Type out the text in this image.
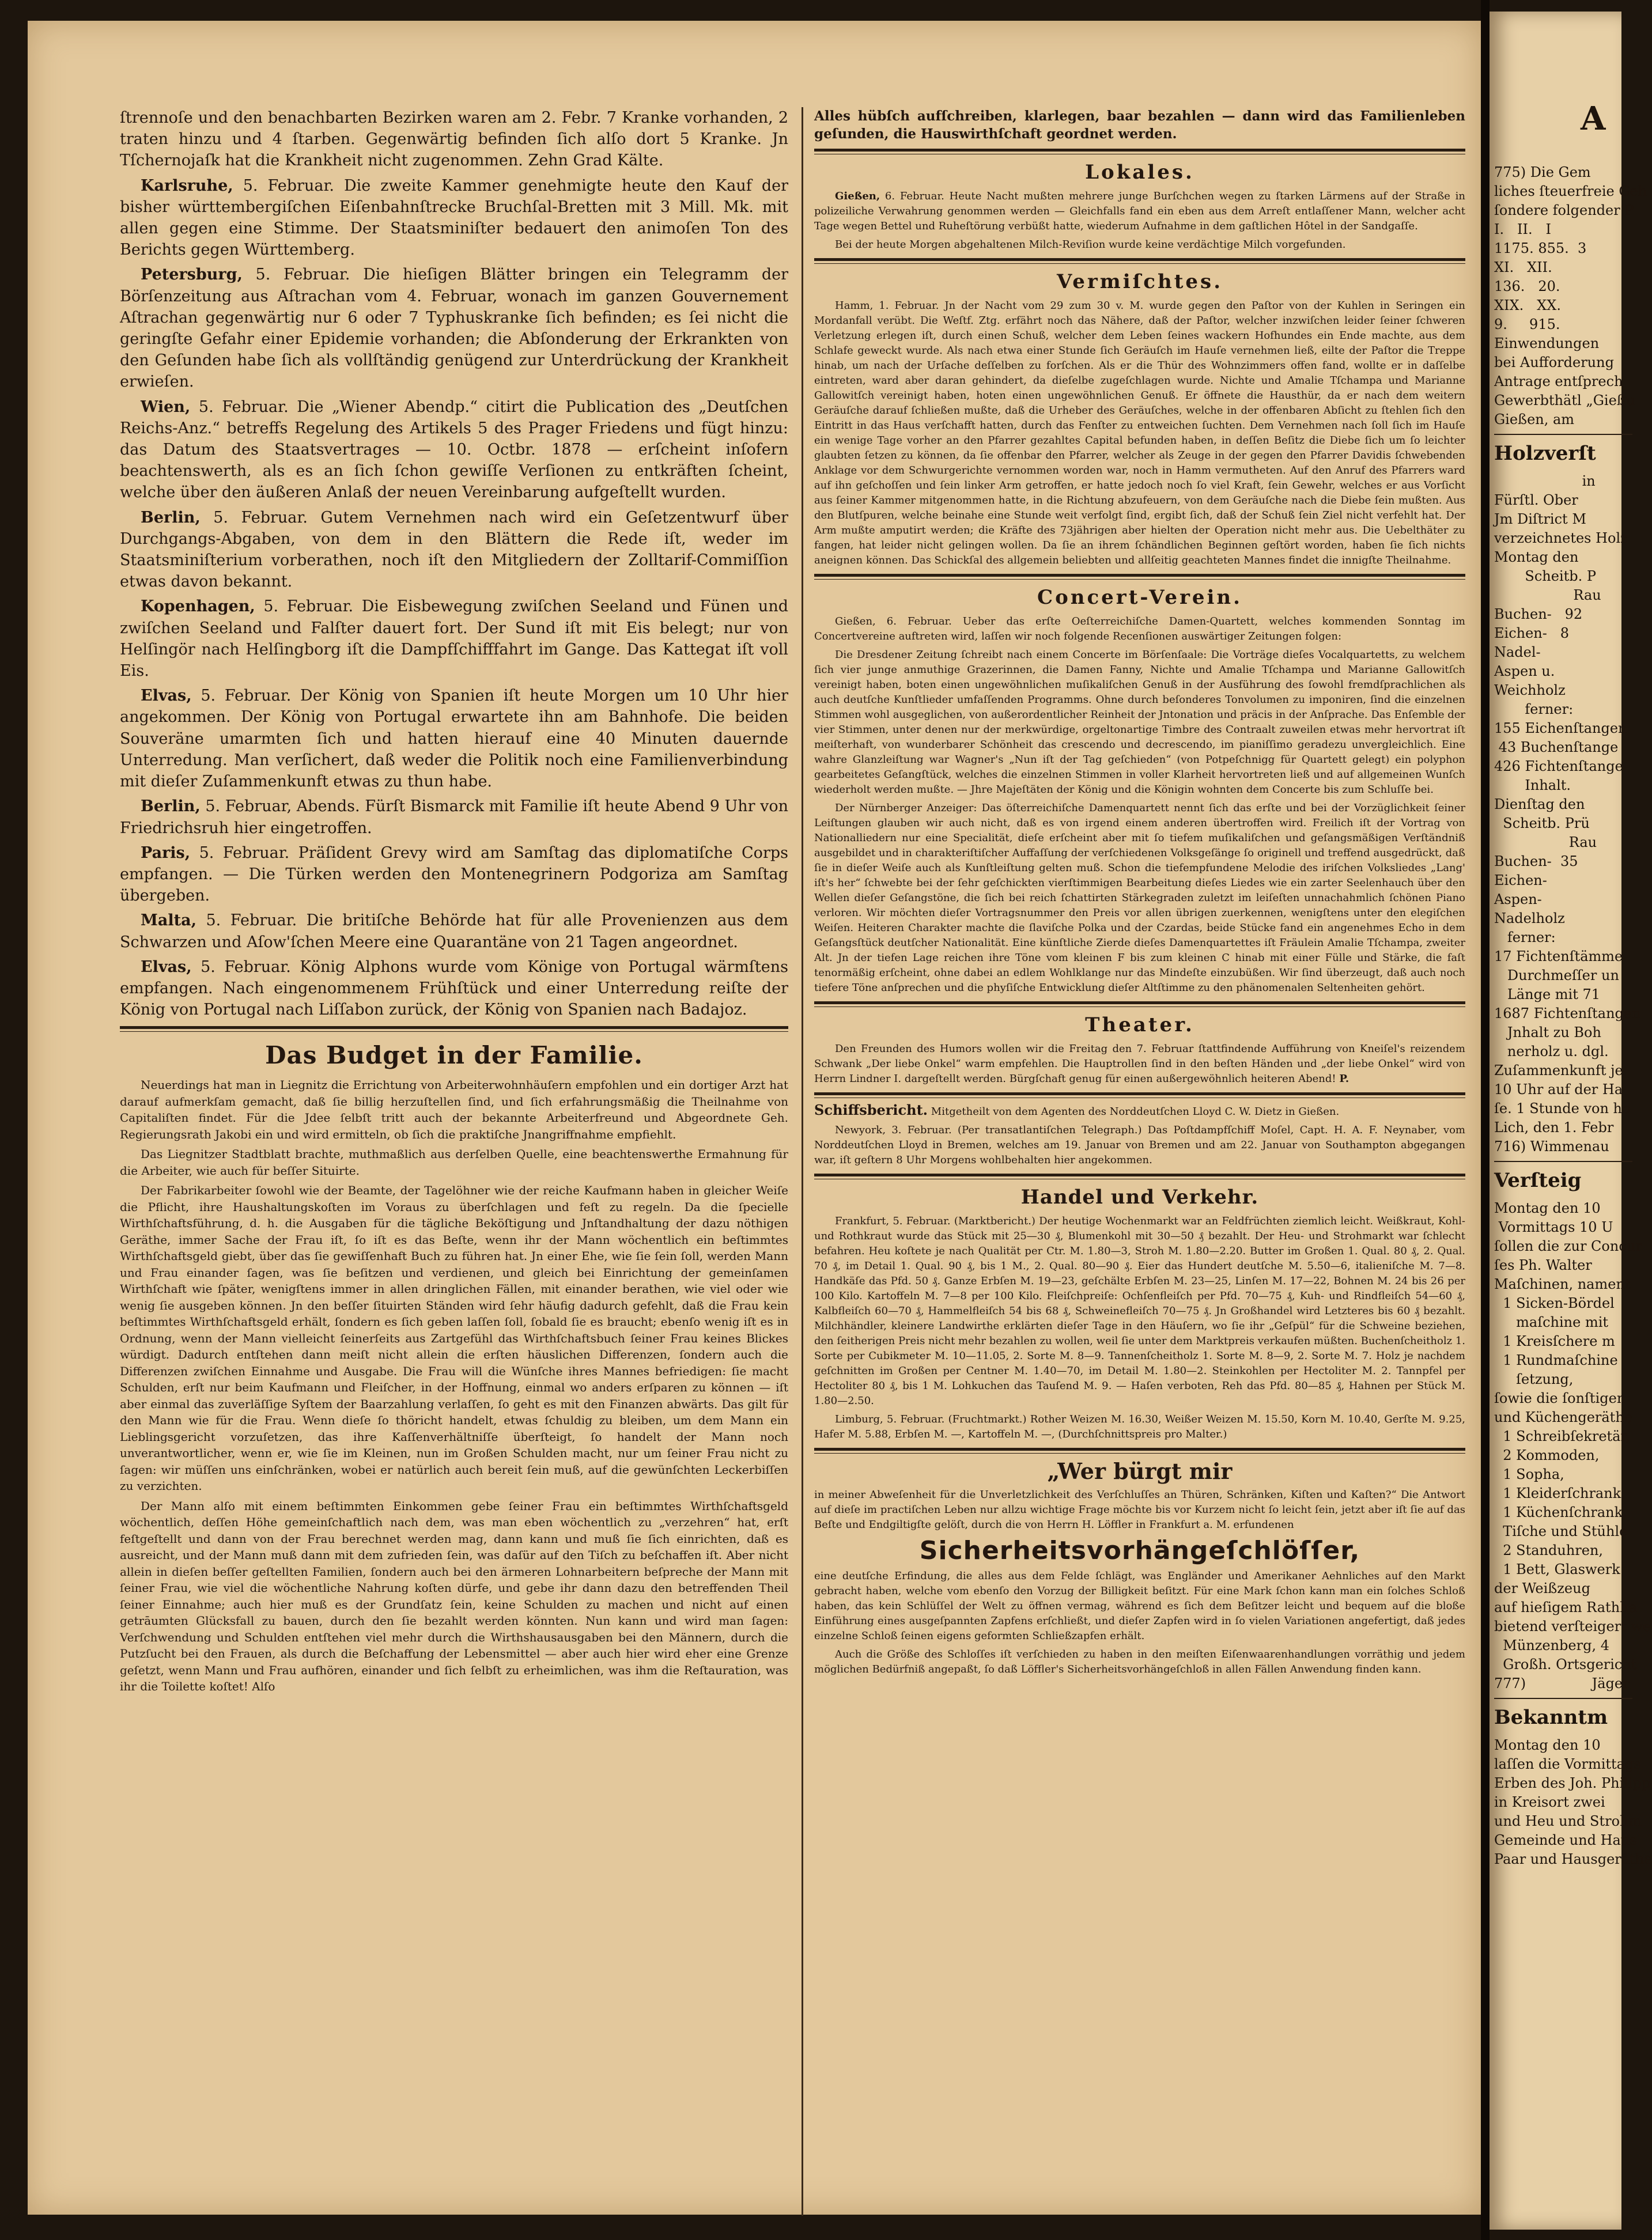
ſtrennoſe und den benachbarten Bezirken waren am 2. Febr. 7 Kranke vorhanden, 2 traten hinzu und 4 ſtarben. Gegenwärtig befinden ſich alſo dort 5 Kranke. Jn Tſchernojaſk hat die Krankheit nicht zugenommen. Zehn Grad Kälte.

Karlsruhe, 5. Februar. Die zweite Kammer genehmigte heute den Kauf der bisher württembergiſchen Eiſenbahnſtrecke Bruchſal-Bretten mit 3 Mill. Mk. mit allen gegen eine Stimme. Der Staatsminiſter bedauert den animoſen Ton des Berichts gegen Württemberg.

Petersburg, 5. Februar. Die hieſigen Blätter bringen ein Telegramm der Börſenzeitung aus Aſtrachan vom 4. Februar, wonach im ganzen Gouvernement Aſtrachan gegenwärtig nur 6 oder 7 Typhuskranke ſich befinden; es ſei nicht die geringſte Gefahr einer Epidemie vorhanden; die Abſonderung der Erkrankten von den Geſunden habe ſich als vollſtändig genügend zur Unterdrückung der Krankheit erwieſen.

Wien, 5. Februar. Die „Wiener Abendp.“ citirt die Publication des „Deutſchen Reichs-Anz.“ betreffs Regelung des Artikels 5 des Prager Friedens und fügt hinzu: das Datum des Staatsvertrages — 10. Octbr. 1878 — erſcheint inſofern beachtenswerth, als es an ſich ſchon gewiſſe Verſionen zu entkräften ſcheint, welche über den äußeren Anlaß der neuen Vereinbarung aufgeſtellt wurden.

Berlin, 5. Februar. Gutem Vernehmen nach wird ein Geſetzentwurf über Durchgangs-Abgaben, von dem in den Blättern die Rede iſt, weder im Staatsminiſterium vorberathen, noch iſt den Mitgliedern der Zolltarif-Commiſſion etwas davon bekannt.

Kopenhagen, 5. Februar. Die Eisbewegung zwiſchen Seeland und Fünen und zwiſchen Seeland und Falſter dauert fort. Der Sund iſt mit Eis belegt; nur von Helſingör nach Helſingborg iſt die Dampfſchifffahrt im Gange. Das Kattegat iſt voll Eis.

Elvas, 5. Februar. Der König von Spanien iſt heute Morgen um 10 Uhr hier angekommen. Der König von Portugal erwartete ihn am Bahnhofe. Die beiden Souveräne umarmten ſich und hatten hierauf eine 40 Minuten dauernde Unterredung. Man verſichert, daß weder die Politik noch eine Familienverbindung mit dieſer Zuſammenkunft etwas zu thun habe.

Berlin, 5. Februar, Abends. Fürſt Bismarck mit Familie iſt heute Abend 9 Uhr von Friedrichsruh hier eingetroffen.

Paris, 5. Februar. Präſident Grevy wird am Samſtag das diplomatiſche Corps empfangen. — Die Türken werden den Montenegrinern Podgoriza am Samſtag übergeben.

Malta, 5. Februar. Die britiſche Behörde hat für alle Provenienzen aus dem Schwarzen und Aſow'ſchen Meere eine Quarantäne von 21 Tagen angeordnet.

Elvas, 5. Februar. König Alphons wurde vom Könige von Portugal wärmſtens empfangen. Nach eingenommenem Frühſtück und einer Unterredung reiſte der König von Portugal nach Liſſabon zurück, der König von Spanien nach Badajoz.

Das Budget in der Familie.

Neuerdings hat man in Liegnitz die Errichtung von Arbeiterwohnhäuſern empfohlen und ein dortiger Arzt hat darauf aufmerkſam gemacht, daß ſie billig herzuſtellen ſind, und ſich erfahrungsmäßig die Theilnahme von Capitaliſten findet. Für die Jdee ſelbſt tritt auch der bekannte Arbeiterfreund und Abgeordnete Geh. Regierungsrath Jakobi ein und wird ermitteln, ob ſich die praktiſche Jnangriffnahme empfiehlt.

Das Liegnitzer Stadtblatt brachte, muthmaßlich aus derſelben Quelle, eine beachtenswerthe Ermahnung für die Arbeiter, wie auch für beſſer Situirte.

Der Fabrikarbeiter ſowohl wie der Beamte, der Tagelöhner wie der reiche Kaufmann haben in gleicher Weiſe die Pflicht, ihre Haushaltungskoſten im Voraus zu überſchlagen und feſt zu regeln. Da die ſpecielle Wirthſchaftsführung, d. h. die Ausgaben für die tägliche Beköſtigung und Jnſtandhaltung der dazu nöthigen Geräthe, immer Sache der Frau iſt, ſo iſt es das Beſte, wenn ihr der Mann wöchentlich ein beſtimmtes Wirthſchaftsgeld giebt, über das ſie gewiſſenhaft Buch zu führen hat. Jn einer Ehe, wie ſie ſein ſoll, werden Mann und Frau einander ſagen, was ſie beſitzen und verdienen, und gleich bei Einrichtung der gemeinſamen Wirthſchaft wie ſpäter, wenigſtens immer in allen dringlichen Fällen, mit einander berathen, wie viel oder wie wenig ſie ausgeben können. Jn den beſſer ſituirten Ständen wird ſehr häufig dadurch gefehlt, daß die Frau kein beſtimmtes Wirthſchaftsgeld erhält, ſondern es ſich geben laſſen ſoll, ſobald ſie es braucht; ebenſo wenig iſt es in Ordnung, wenn der Mann vielleicht ſeinerſeits aus Zartgefühl das Wirthſchaftsbuch ſeiner Frau keines Blickes würdigt. Dadurch entſtehen dann meiſt nicht allein die erſten häuslichen Differenzen, ſondern auch die Differenzen zwiſchen Einnahme und Ausgabe. Die Frau will die Wünſche ihres Mannes befriedigen: ſie macht Schulden, erſt nur beim Kaufmann und Fleiſcher, in der Hoffnung, einmal wo anders erſparen zu können — iſt aber einmal das zuverläſſige Syſtem der Baarzahlung verlaſſen, ſo geht es mit den Finanzen abwärts. Das gilt für den Mann wie für die Frau. Wenn dieſe ſo thöricht handelt, etwas ſchuldig zu bleiben, um dem Mann ein Lieblingsgericht vorzuſetzen, das ihre Kaſſenverhältniſſe überſteigt, ſo handelt der Mann noch unverantwortlicher, wenn er, wie ſie im Kleinen, nun im Großen Schulden macht, nur um ſeiner Frau nicht zu ſagen: wir müſſen uns einſchränken, wobei er natürlich auch bereit ſein muß, auf die gewünſchten Leckerbiſſen zu verzichten.

Der Mann alſo mit einem beſtimmten Einkommen gebe ſeiner Frau ein beſtimmtes Wirthſchaftsgeld wöchentlich, deſſen Höhe gemeinſchaftlich nach dem, was man eben wöchentlich zu „verzehren“ hat, erſt feſtgeſtellt und dann von der Frau berechnet werden mag, dann kann und muß ſie ſich einrichten, daß es ausreicht, und der Mann muß dann mit dem zufrieden ſein, was daſür auf den Tiſch zu beſchaffen iſt. Aber nicht allein in dieſen beſſer geſtellten Familien, ſondern auch bei den ärmeren Lohnarbeitern beſpreche der Mann mit ſeiner Frau, wie viel die wöchentliche Nahrung koſten dürfe, und gebe ihr dann dazu den betreffenden Theil ſeiner Einnahme; auch hier muß es der Grundſatz ſein, keine Schulden zu machen und nicht auf einen getrāumten Glücksfall zu bauen, durch den ſie bezahlt werden könnten. Nun kann und wird man ſagen: Verſchwendung und Schulden entſtehen viel mehr durch die Wirthshausausgaben bei den Männern, durch die Putzſucht bei den Frauen, als durch die Beſchaffung der Lebensmittel — aber auch hier wird eher eine Grenze geſetzt, wenn Mann und Frau aufhören, einander und ſich ſelbſt zu erheimlichen, was ihm die Reſtauration, was ihr die Toilette koſtet! Alſo

Alles hübſch aufſchreiben, klarlegen, baar bezahlen — dann wird das Familienleben geſunden, die Hauswirthſchaft geordnet werden.

Lokales.

Gießen, 6. Februar. Heute Nacht mußten mehrere junge Burſchchen wegen zu ſtarken Lärmens auf der Straße in polizeiliche Verwahrung genommen werden — Gleichfalls fand ein eben aus dem Arreſt entlaſſener Mann, welcher acht Tage wegen Bettel und Ruheſtörung verbüßt hatte, wiederum Aufnahme in dem gaſtlichen Hôtel in der Sandgaſſe.

Bei der heute Morgen abgehaltenen Milch-Reviſion wurde keine verdächtige Milch vorgefunden.

Vermiſchtes.

Hamm, 1. Februar. Jn der Nacht vom 29 zum 30 v. M. wurde gegen den Paſtor von der Kuhlen in Seringen ein Mordanfall verübt. Die Weſtf. Ztg. erfährt noch das Nähere, daß der Paſtor, welcher inzwiſchen leider ſeiner ſchweren Verletzung erlegen iſt, durch einen Schuß, welcher dem Leben ſeines wackern Hofhundes ein Ende machte, aus dem Schlafe geweckt wurde. Als nach etwa einer Stunde ſich Geräuſch im Hauſe vernehmen ließ, eilte der Paſtor die Treppe hinab, um nach der Urſache deſſelben zu forſchen. Als er die Thür des Wohnzimmers offen fand, wollte er in daſſelbe eintreten, ward aber daran gehindert, da dieſelbe zugeſchlagen wurde. Nichte und Amalie Tſchampa und Marianne Gallowitſch vereinigt haben, hoten einen ungewöhnlichen Genuß. Er öffnete die Hausthür, da er nach dem weitern Geräuſche darauf ſchließen mußte, daß die Urheber des Geräuſches, welche in der offenbaren Abſicht zu ſtehlen ſich den Eintritt in das Haus verſchafft hatten, durch das Fenſter zu entweichen ſuchten. Dem Vernehmen nach ſoll ſich im Hauſe ein wenige Tage vorher an den Pfarrer gezahltes Capital befunden haben, in deſſen Beſitz die Diebe ſich um ſo leichter glaubten ſetzen zu können, da ſie offenbar den Pfarrer, welcher als Zeuge in der gegen den Pfarrer Davidis ſchwebenden Anklage vor dem Schwurgerichte vernommen worden war, noch in Hamm vermutheten. Auf den Anruf des Pfarrers ward auf ihn geſchoſſen und ſein linker Arm getroffen, er hatte jedoch noch ſo viel Kraft, ſein Gewehr, welches er aus Vorſicht aus ſeiner Kammer mitgenommen hatte, in die Richtung abzufeuern, von dem Geräuſche nach die Diebe ſein mußten. Aus den Blutſpuren, welche beinahe eine Stunde weit verfolgt ſind, ergibt ſich, daß der Schuß ſein Ziel nicht verfehlt hat. Der Arm mußte amputirt werden; die Kräfte des 73jährigen aber hielten der Operation nicht mehr aus. Die Uebelthäter zu fangen, hat leider nicht gelingen wollen. Da ſie an ihrem ſchändlichen Beginnen geſtört worden, haben ſie ſich nichts aneignen können. Das Schickſal des allgemein beliebten und allſeitig geachteten Mannes findet die innigſte Theilnahme.

Concert-Verein.

Gießen, 6. Februar. Ueber das erſte Oeſterreichiſche Damen-Quartett, welches kommenden Sonntag im Concertvereine auftreten wird, laſſen wir noch folgende Recenſionen auswärtiger Zeitungen folgen:

Die Dresdener Zeitung ſchreibt nach einem Concerte im Börſenſaale: Die Vorträge dieſes Vocalquartetts, zu welchem ſich vier junge anmuthige Grazerinnen, die Damen Fanny, Nichte und Amalie Tſchampa und Marianne Gallowitſch vereinigt haben, boten einen ungewöhnlichen muſikaliſchen Genuß in der Ausführung des ſowohl fremdſprachlichen als auch deutſche Kunſtlieder umfaſſenden Programms. Ohne durch beſonderes Tonvolumen zu imponiren, ſind die einzelnen Stimmen wohl ausgeglichen, von außerordentlicher Reinheit der Jntonation und präcis in der Anſprache. Das Enſemble der vier Stimmen, unter denen nur der merkwürdige, orgeltonartige Timbre des Contraalt zuweilen etwas mehr hervortrat iſt meiſterhaft, von wunderbarer Schönheit das crescendo und decrescendo, im pianiſſimo geradezu unvergleichlich. Eine wahre Glanzleiſtung war Wagner's „Nun iſt der Tag geſchieden“ (von Potpeſchnigg für Quartett gelegt) ein polyphon gearbeitetes Geſangſtück, welches die einzelnen Stimmen in voller Klarheit hervortreten ließ und auf allgemeinen Wunſch wiederholt werden mußte. — Jhre Majeſtäten der König und die Königin wohnten dem Concerte bis zum Schluſſe bei.

Der Nürnberger Anzeiger: Das öſterreichiſche Damenquartett nennt ſich das erſte und bei der Vorzüglichkeit ſeiner Leiſtungen glauben wir auch nicht, daß es von irgend einem anderen übertroffen wird. Freilich iſt der Vortrag von Nationalliedern nur eine Specialität, dieſe erſcheint aber mit ſo tiefem muſikaliſchen und geſangsmäßigen Verſtändniß ausgebildet und in charakteriſtiſcher Auffaſſung der verſchiedenen Volksgeſänge ſo originell und treffend ausgedrückt, daß ſie in dieſer Weiſe auch als Kunſtleiſtung gelten muß. Schon die tiefempfundene Melodie des iriſchen Volksliedes „Lang' iſt's her“ ſchwebte bei der ſehr geſchickten vierſtimmigen Bearbeitung dieſes Liedes wie ein zarter Seelenhauch über den Wellen dieſer Geſangstöne, die ſich bei reich ſchattirten Stärkegraden zuletzt im leiſeſten unnachahmlich ſchönen Piano verloren. Wir möchten dieſer Vortragsnummer den Preis vor allen übrigen zuerkennen, wenigſtens unter den elegiſchen Weiſen. Heiteren Charakter machte die ſlaviſche Polka und der Czardas, beide Stücke fand ein angenehmes Echo in dem Geſangsſtück deutſcher Nationalität. Eine künſtliche Zierde dieſes Damenquartettes iſt Fräulein Amalie Tſchampa, zweiter Alt. Jn der tiefen Lage reichen ihre Töne vom kleinen F bis zum kleinen C hinab mit einer Fülle und Stärke, die faſt tenormäßig erſcheint, ohne dabei an edlem Wohlklange nur das Mindeſte einzubüßen. Wir ſind überzeugt, daß auch noch tiefere Töne anſprechen und die phyſiſche Entwicklung dieſer Altſtimme zu den phänomenalen Seltenheiten gehört.

Theater.

Den Freunden des Humors wollen wir die Freitag den 7. Februar ſtattfindende Aufführung von Kneiſel's reizendem Schwank „Der liebe Onkel“ warm empfehlen. Die Hauptrollen ſind in den beſten Händen und „der liebe Onkel“ wird von Herrn Lindner I. dargeſtellt werden. Bürgſchaft genug für einen außergewöhnlich heiteren Abend! P.

Schiffsbericht. Mitgetheilt von dem Agenten des Norddeutſchen Lloyd C. W. Dietz in Gießen.

Newyork, 3. Februar. (Per transatlantiſchen Telegraph.) Das Poſtdampfſchiff Moſel, Capt. H. A. F. Neynaber, vom Norddeutſchen Lloyd in Bremen, welches am 19. Januar von Bremen und am 22. Januar von Southampton abgegangen war, iſt geſtern 8 Uhr Morgens wohlbehalten hier angekommen.

Handel und Verkehr.

Frankfurt, 5. Februar. (Marktbericht.) Der heutige Wochenmarkt war an Feldfrüchten ziemlich leicht. Weißkraut, Kohl- und Rothkraut wurde das Stück mit 25—30 ₰, Blumenkohl mit 30—50 ₰ bezahlt. Der Heu- und Strohmarkt war ſchlecht befahren. Heu koſtete je nach Qualität per Ctr. M. 1.80—3, Stroh M. 1.80—2.20. Butter im Großen 1. Qual. 80 ₰, 2. Qual. 70 ₰, im Detail 1. Qual. 90 ₰, bis 1 M., 2. Qual. 80—90 ₰. Eier das Hundert deutſche M. 5.50—6, italieniſche M. 7—8. Handkäſe das Pfd. 50 ₰. Ganze Erbſen M. 19—23, geſchälte Erbſen M. 23—25, Linſen M. 17—22, Bohnen M. 24 bis 26 per 100 Kilo. Kartoffeln M. 7—8 per 100 Kilo. Fleiſchpreiſe: Ochſenfleiſch per Pfd. 70—75 ₰, Kuh- und Rindfleiſch 54—60 ₰, Kalbfleiſch 60—70 ₰, Hammelfleiſch 54 bis 68 ₰, Schweinefleiſch 70—75 ₰. Jn Großhandel wird Letzteres bis 60 ₰ bezahlt. Milchhändler, kleinere Landwirthe erklärten dieſer Tage in den Häuſern, wo ſie ihr „Geſpül“ für die Schweine beziehen, den ſeitherigen Preis nicht mehr bezahlen zu wollen, weil ſie unter dem Marktpreis verkaufen müßten. Buchenſcheitholz 1. Sorte per Cubikmeter M. 10—11.05, 2. Sorte M. 8—9. Tannenſcheitholz 1. Sorte M. 8—9, 2. Sorte M. 7. Holz je nachdem geſchnitten im Großen per Centner M. 1.40—70, im Detail M. 1.80—2. Steinkohlen per Hectoliter M. 2. Tannpfel per Hectoliter 80 ₰, bis 1 M. Lohkuchen das Tauſend M. 9. — Haſen verboten, Reh das Pfd. 80—85 ₰, Hahnen per Stück M. 1.80—2.50.

Limburg, 5. Februar. (Fruchtmarkt.) Rother Weizen M. 16.30, Weißer Weizen M. 15.50, Korn M. 10.40, Gerſte M. 9.25, Hafer M. 5.88, Erbſen M. —, Kartoffeln M. —, (Durchſchnittspreis pro Malter.)

„Wer bürgt mir

in meiner Abweſenheit für die Unverletzlichkeit des Verſchluſſes an Thüren, Schränken, Kiſten und Kaſten?“ Die Antwort auf dieſe im practiſchen Leben nur allzu wichtige Frage möchte bis vor Kurzem nicht ſo leicht ſein, jetzt aber iſt ſie auf das Beſte und Endgiltigſte gelöſt, durch die von Herrn H. Löffler in Frankfurt a. M. erfundenen

Sicherheitsvorhängeſchlöſſer,

eine deutſche Erfindung, die alles aus dem Felde ſchlägt, was Engländer und Amerikaner Aehnliches auf den Markt gebracht haben, welche vom ebenſo den Vorzug der Billigkeit beſitzt. Für eine Mark ſchon kann man ein ſolches Schloß haben, das kein Schlüſſel der Welt zu öffnen vermag, während es ſich dem Beſitzer leicht und bequem auf die bloße Einführung eines ausgeſpannten Zapfens erſchließt, und dieſer Zapfen wird in ſo vielen Variationen angefertigt, daß jedes einzelne Schloß ſeinen eigens geformten Schließzapfen erhält.

Auch die Größe des Schloſſes iſt verſchieden zu haben in den meiſten Eiſenwaarenhandlungen vorräthig und jedem möglichen Bedürfniß angepaßt, ſo daß Löffler's Sicherheitsvorhängeſchloß in allen Fällen Anwendung finden kann.

A
775) Die Gem
liches ſteuerfreie Geh
ſondere folgender P
I.   II.   I
1175. 855.  3
XI.   XII.
136.   20.
XIX.   XX.
9.     915.
Einwendungen
bei Aufforderung
Antrage entſprech
Gewerbthätl „Gießu
Gießen, am
Holzverſt
in
Fürſtl. Ober
Jm Diſtrict M
verzeichnetes Holz
Montag den
Scheitb. P
Rau
Buchen-   92
Eichen-   8
Nadel-
Aspen u.
Weichholz
ferner:
155 Eichenſtangen
43 Buchenſtange
426 Fichtenſtange
Inhalt.
Dienſtag den
Scheitb. Prü
Rau
Buchen-  35
Eichen-
Aspen-
Nadelholz
ferner:
17 Fichtenſtämme
Durchmeſſer un
Länge mit 71
1687 Fichtenſtangen
Jnhalt zu Boh
nerholz u. dgl.
Zuſammenkunft je
10 Uhr auf der Ha
ſe. 1 Stunde von ho
Lich, den 1. Febr
716) Wimmenau
Verſteig
Montag den 10
Vormittags 10 U
ſollen die zur Concur
ſes Ph. Walter
Maſchinen, nament
1 Sicken-Bördel
maſchine mit
1 Kreisſchere m
1 Rundmaſchine
ſetzung,
ſowie die ſonſtigen
und Küchengeräthe
1 Schreibſekretär,
2 Kommoden,
1 Sopha,
1 Kleiderſchrank,
1 Küchenſchrank,
Tiſche und Stühle
2 Standuhren,
1 Bett, Glaswerk
der Weißzeug
auf hieſigem Rathha
bietend verſteigert we
Münzenberg, 4
Großh. Ortsgericht
777)               Jäger
Bekanntm
Montag den 10
laſſen die Vormittags
Erben des Joh. Philipp
in Kreisort zwei
und Heu und Strohm
Gemeinde und Haus
Paar und Hausgeräthe
